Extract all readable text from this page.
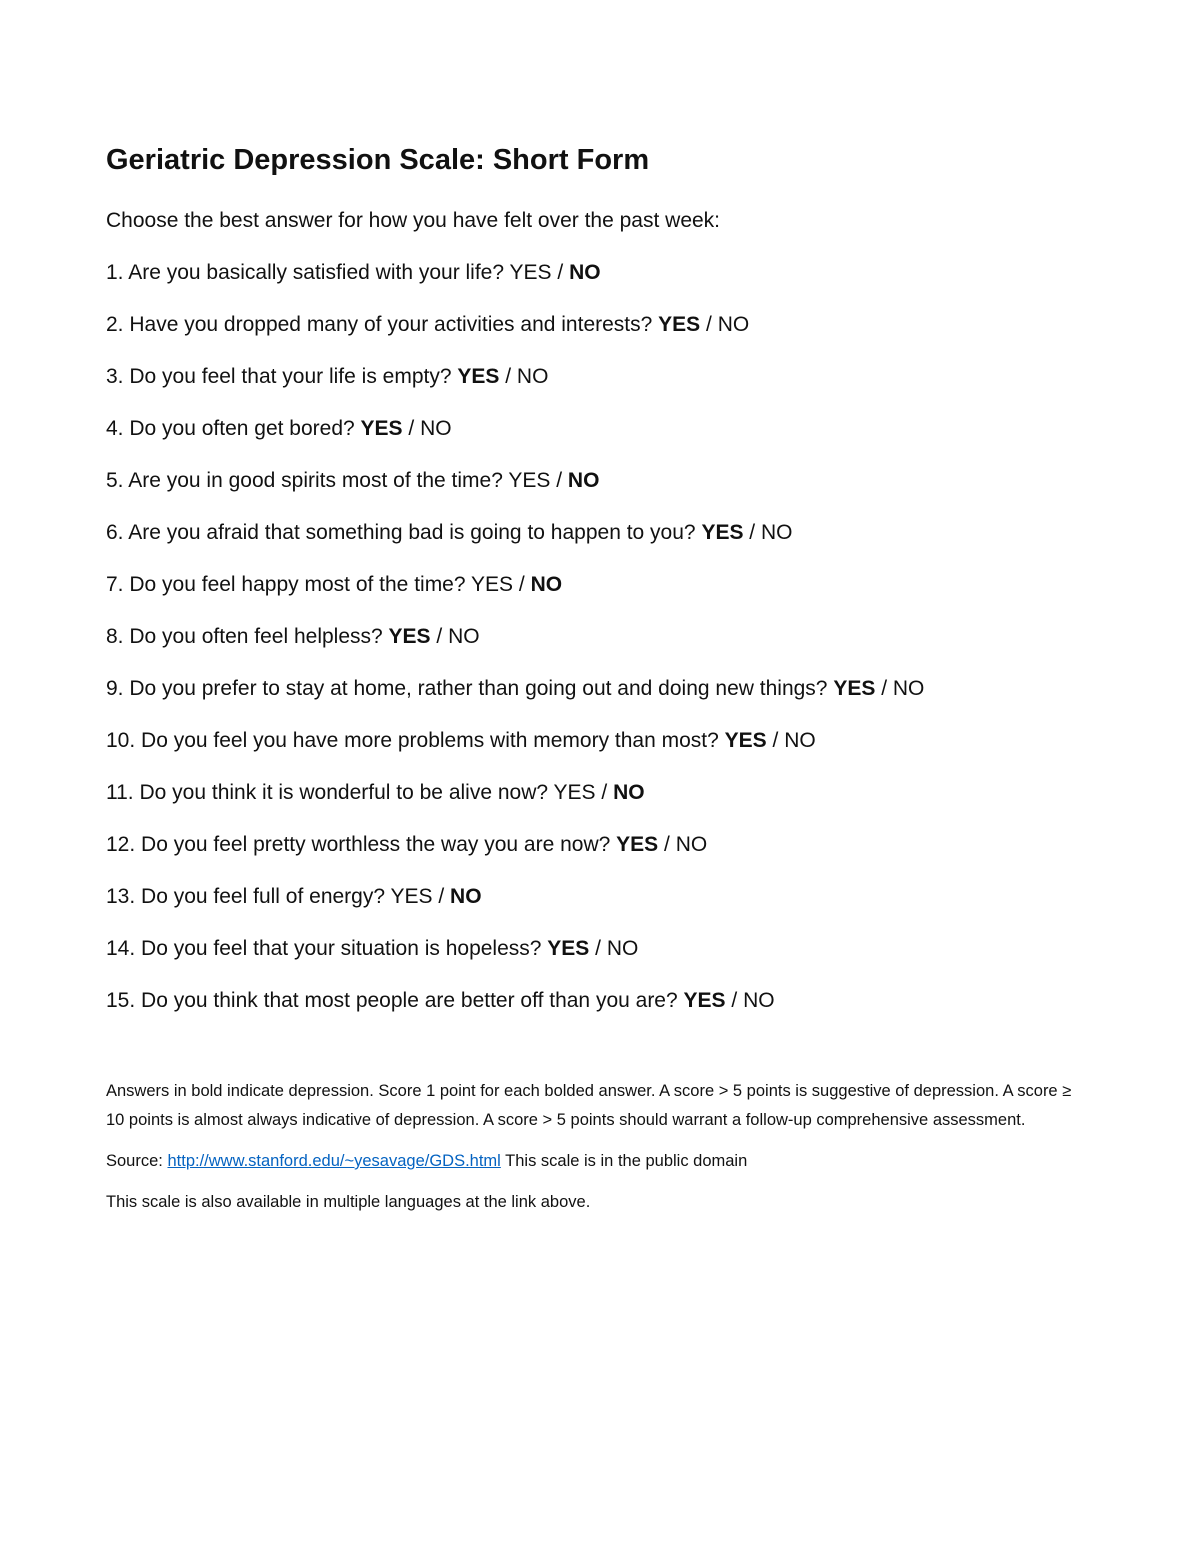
Geriatric Depression Scale: Short Form
Choose the best answer for how you have felt over the past week:
1. Are you basically satisfied with your life? YES / NO
2. Have you dropped many of your activities and interests? YES / NO
3. Do you feel that your life is empty? YES / NO
4. Do you often get bored? YES / NO
5. Are you in good spirits most of the time? YES / NO
6. Are you afraid that something bad is going to happen to you? YES / NO
7. Do you feel happy most of the time? YES / NO
8. Do you often feel helpless? YES / NO
9. Do you prefer to stay at home, rather than going out and doing new things? YES / NO
10. Do you feel you have more problems with memory than most? YES / NO
11. Do you think it is wonderful to be alive now? YES / NO
12. Do you feel pretty worthless the way you are now? YES / NO
13. Do you feel full of energy? YES / NO
14. Do you feel that your situation is hopeless? YES / NO
15. Do you think that most people are better off than you are? YES / NO

Answers in bold indicate depression. Score 1 point for each bolded answer. A score > 5 points is suggestive of depression. A score ≥ 10 points is almost always indicative of depression. A score > 5 points should warrant a follow-up comprehensive assessment.

Source: http://www.stanford.edu/~yesavage/GDS.html This scale is in the public domain

This scale is also available in multiple languages at the link above.
